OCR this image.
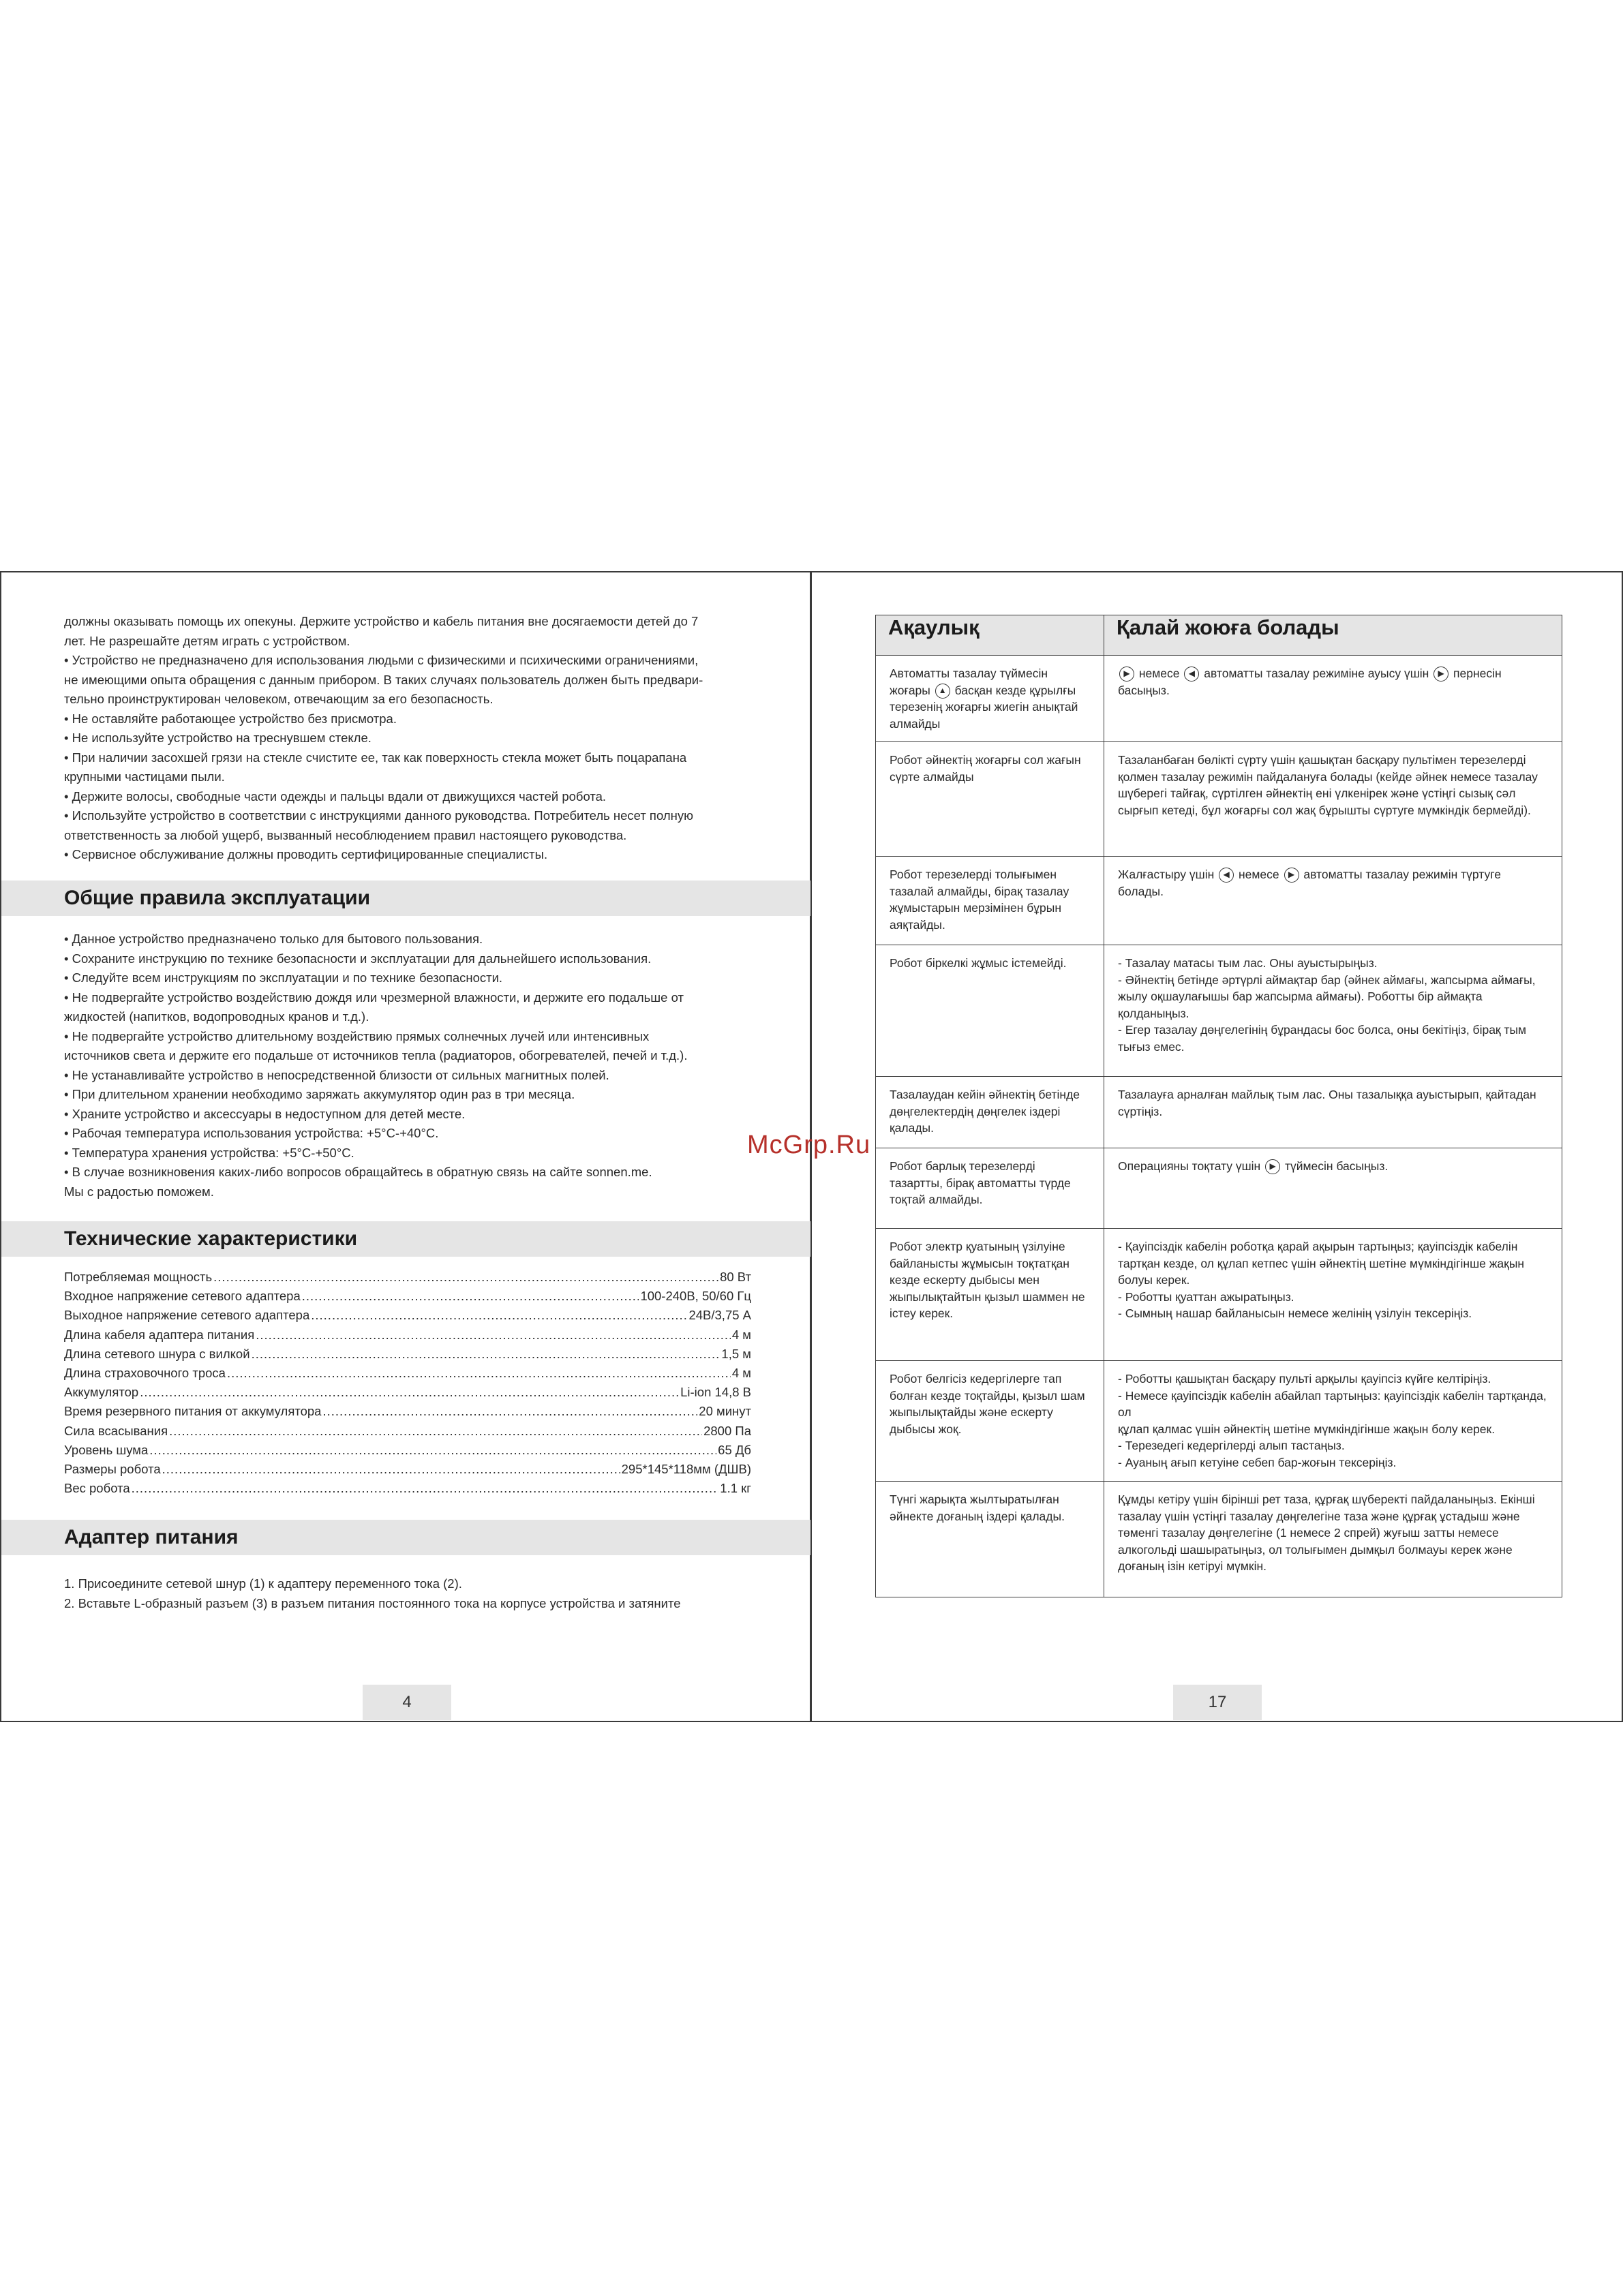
должны оказывать помощь их опекуны. Держите устройство и кабель питания вне досягаемости детей до 7

лет. Не разрешайте детям играть с устройством.

• Устройство не предназначено для использования людьми с физическими и психическими ограничениями,

не имеющими опыта обращения с данным прибором. В таких случаях пользователь должен быть предвари-

тельно проинструктирован человеком, отвечающим за его безопасность.

• Не оставляйте работающее устройство без присмотра.

• Не используйте устройство на треснувшем стекле.

• При наличии засохшей грязи на стекле счистите ее, так как поверхность стекла может быть поцарапана

крупными частицами пыли.

• Держите волосы, свободные части одежды и пальцы вдали от движущихся частей робота.

• Используйте устройство в соответствии с инструкциями данного руководства. Потребитель несет полную

ответственность за любой ущерб, вызванный несоблюдением правил настоящего руководства.

• Сервисное обслуживание должны проводить сертифицированные специалисты.

Общие правила эксплуатации

• Данное устройство предназначено только для бытового пользования.

• Сохраните инструкцию по технике безопасности и эксплуатации для дальнейшего использования.

• Следуйте всем инструкциям по эксплуатации и по технике безопасности.

• Не подвергайте устройство воздействию дождя или чрезмерной влажности, и держите его подальше от

жидкостей (напитков, водопроводных кранов и т.д.).

• Не подвергайте устройство длительному воздействию прямых солнечных лучей или интенсивных

источников света и держите его подальше от источников тепла (радиаторов, обогревателей, печей и т.д.).

• Не устанавливайте устройство в непосредственной близости от сильных магнитных полей.

• При длительном хранении необходимо заряжать аккумулятор один раз в три месяца.

• Храните устройство и аксессуары в недоступном для детей месте.

• Рабочая температура использования устройства: +5°С-+40°С.

• Температура хранения устройства: +5°С-+50°С.

• В случае возникновения каких-либо вопросов обращайтесь в обратную связь на сайте sonnen.me.

Мы с радостью поможем.

Технические характеристики
Потребляемая мощность .....	80 Вт
Входное напряжение сетевого адаптера .....	100-240В, 50/60 Гц
Выходное напряжение сетевого адаптера .....	24В/3,75 А
Длина кабеля адаптера питания .....	4 м
Длина сетевого шнура с вилкой .....	1,5 м
Длина страховочного троса .....	4 м
Аккумулятор .....	Li-ion 14,8 В
Время резервного питания от аккумулятора .....	20 минут
Сила всасывания .....	2800 Па
Уровень шума .....	65 Дб
Размеры робота .....	295*145*118мм (ДШВ)
Вес робота .....	1.1 кг
Адаптер питания

1. Присоедините сетевой шнур (1) к адаптеру переменного тока (2).

2. Вставьте L-образный разъем (3) в разъем питания постоянного тока на корпусе устройства и затяните

4
Ақаулық	Қалай жоюға болады
Автоматты тазалау түймесін
жоғары ▲ басқан кезде құрылғы терезенің жоғарғы жиегін анықтай алмайды	▶ немесе ◀ автоматты тазалау режиміне ауысу үшін ▶ пернесін басыңыз.
Робот әйнектің жоғарғы сол жағын сүрте алмайды	Тазаланбаған бөлікті сүрту үшін қашықтан басқару пультімен терезелерді қолмен тазалау режимін пайдалануға болады (кейде әйнек немесе тазалау шүберегі тайғақ, сүртілген әйнектің ені үлкенірек және үстіңгі сызық сәл сырғып кетеді, бұл жоғарғы сол жақ бұрышты сүртуге мүмкіндік бермейді).
Робот терезелерді толығымен тазалай алмайды, бірақ тазалау жұмыстарын мерзімінен бұрын аяқтайды.	Жалғастыру үшін ◀ немесе ▶ автоматты тазалау режимін түртуге болады.
Робот біркелкі жұмыс істемейді.	- Тазалау матасы тым лас. Оны ауыстырыңыз.

- Әйнектің бетінде әртүрлі аймақтар бар (әйнек аймағы, жапсырма аймағы, жылу оқшаулағышы бар жапсырма аймағы). Роботты бір аймақта қолданыңыз.

- Егер тазалау дөңгелегінің бұрандасы бос болса, оны бекітіңіз, бірақ тым тығыз емес.

Тазалаудан кейін әйнектің бетінде дөңгелектердің дөңгелек іздері қалады.	Тазалауға арналған майлық тым лас. Оны тазалыққа ауыстырып, қайтадан сүртіңіз.
Робот барлық терезелерді тазартты, бірақ автоматты түрде тоқтай алмайды.	Операцияны тоқтату үшін ▶ түймесін басыңыз.
Робот электр қуатының үзілуіне байланысты жұмысын тоқтатқан кезде ескерту дыбысы мен жыпылықтайтын қызыл шаммен не істеу керек.	- Қауіпсіздік кабелін роботқа қарай ақырын тартыңыз; қауіпсіздік кабелін тартқан кезде, ол құлап кетпес үшін әйнектің шетіне мүмкіндігінше жақын болуы керек.

- Роботты қуаттан ажыратыңыз.

- Сымның нашар байланысын немесе желінің үзілуін тексеріңіз.

Робот белгісіз кедергілерге тап болған кезде тоқтайды, қызыл шам жыпылықтайды және ескерту дыбысы жоқ.	- Роботты қашықтан басқару пульті арқылы қауіпсіз күйге келтіріңіз.

- Немесе қауіпсіздік кабелін абайлап тартыңыз: қауіпсіздік кабелін тартқанда, ол

құлап қалмас үшін әйнектің шетіне мүмкіндігінше жақын болу керек.

- Терезедегі кедергілерді алып тастаңыз.

- Ауаның ағып кетуіне себеп бар-жоғын тексеріңіз.

Түнгі жарықта жылтыратылған әйнекте доғаның іздері қалады.	Құмды кетіру үшін бірінші рет таза, құрғақ шүберекті пайдаланыңыз. Екінші тазалау үшін үстіңгі тазалау дөңгелегіне таза және құрғақ ұстадыш және төменгі тазалау дөңгелегіне (1 немесе 2 спрей) жуғыш затты немесе алкогольді шашыратыңыз, ол толығымен дымқыл болмауы керек және доғаның ізін кетіруі мүмкін.
17
McGrp.Ru
